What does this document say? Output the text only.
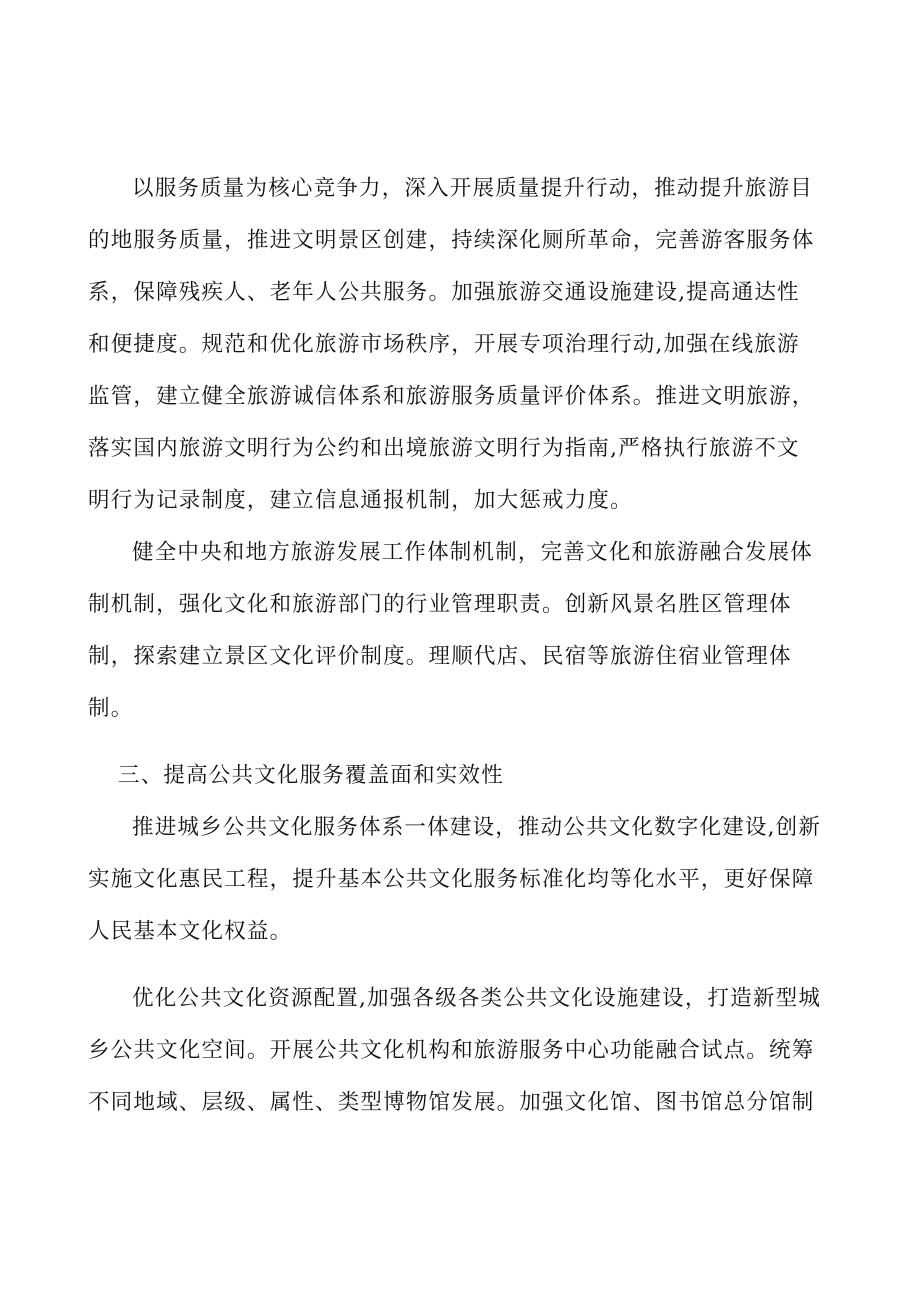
以服务质量为核心竞争力，深入开展质量提升行动，推动提升旅游目
的地服务质量，推进文明景区创建，持续深化厕所革命，完善游客服务体
系，保障残疾人、老年人公共服务。加强旅游交通设施建设,提高通达性
和便捷度。规范和优化旅游市场秩序，开展专项治理行动,加强在线旅游
监管，建立健全旅游诚信体系和旅游服务质量评价体系。推进文明旅游，
落实国内旅游文明行为公约和出境旅游文明行为指南,严格执行旅游不文
明行为记录制度，建立信息通报机制，加大惩戒力度。
健全中央和地方旅游发展工作体制机制，完善文化和旅游融合发展体
制机制，强化文化和旅游部门的行业管理职责。创新风景名胜区管理体
制，探索建立景区文化评价制度。理顺代店、民宿等旅游住宿业管理体
制。
三、提高公共文化服务覆盖面和实效性
推进城乡公共文化服务体系一体建设，推动公共文化数字化建设,创新
实施文化惠民工程，提升基本公共文化服务标准化均等化水平，更好保障
人民基本文化权益。
优化公共文化资源配置,加强各级各类公共文化设施建设，打造新型城
乡公共文化空间。开展公共文化机构和旅游服务中心功能融合试点。统筹
不同地域、层级、属性、类型博物馆发展。加强文化馆、图书馆总分馆制
